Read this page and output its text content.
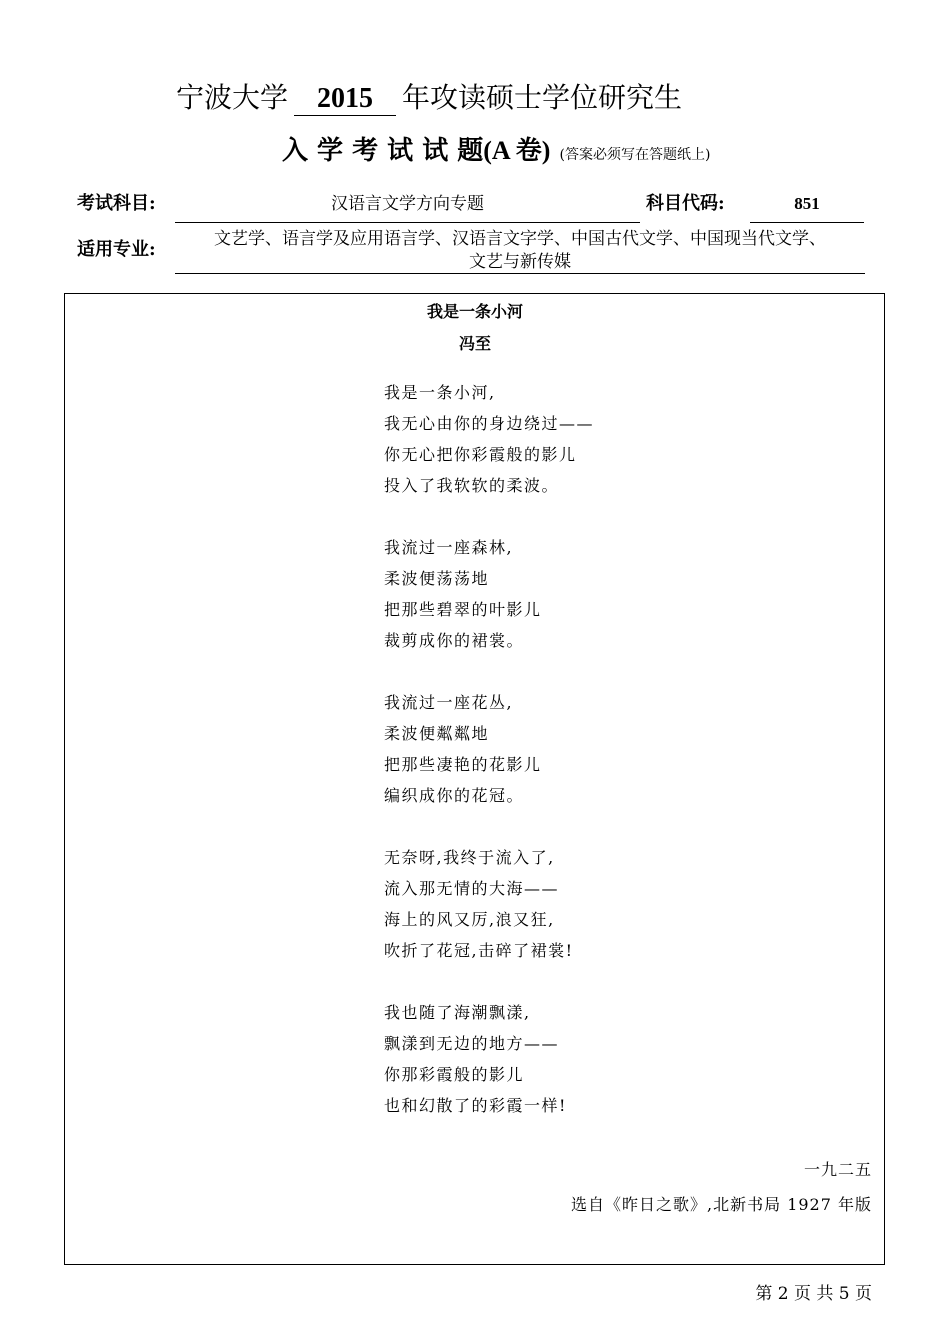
宁波大学 2015 年攻读硕士学位研究生
入 学 考 试 试 题(A 卷) (答案必须写在答题纸上)
考试科目:	汉语言文学方向专题	科目代码:	851
适用专业:	文艺学、语言学及应用语言学、汉语言文字学、中国古代文学、中国现当代文学、
文艺与新传媒
我是一条小河
冯至
我是一条小河,
我无心由你的身边绕过——
你无心把你彩霞般的影儿
投入了我软软的柔波。
我流过一座森林,
柔波便荡荡地
把那些碧翠的叶影儿
裁剪成你的裙裳。
我流过一座花丛,
柔波便粼粼地
把那些凄艳的花影儿
编织成你的花冠。
无奈呀,我终于流入了,
流入那无情的大海——
海上的风又厉,浪又狂,
吹折了花冠,击碎了裙裳!
我也随了海潮飘漾,
飘漾到无边的地方——
你那彩霞般的影儿
也和幻散了的彩霞一样!
一九二五
选自《昨日之歌》,北新书局 1927 年版
第 2 页 共 5 页
